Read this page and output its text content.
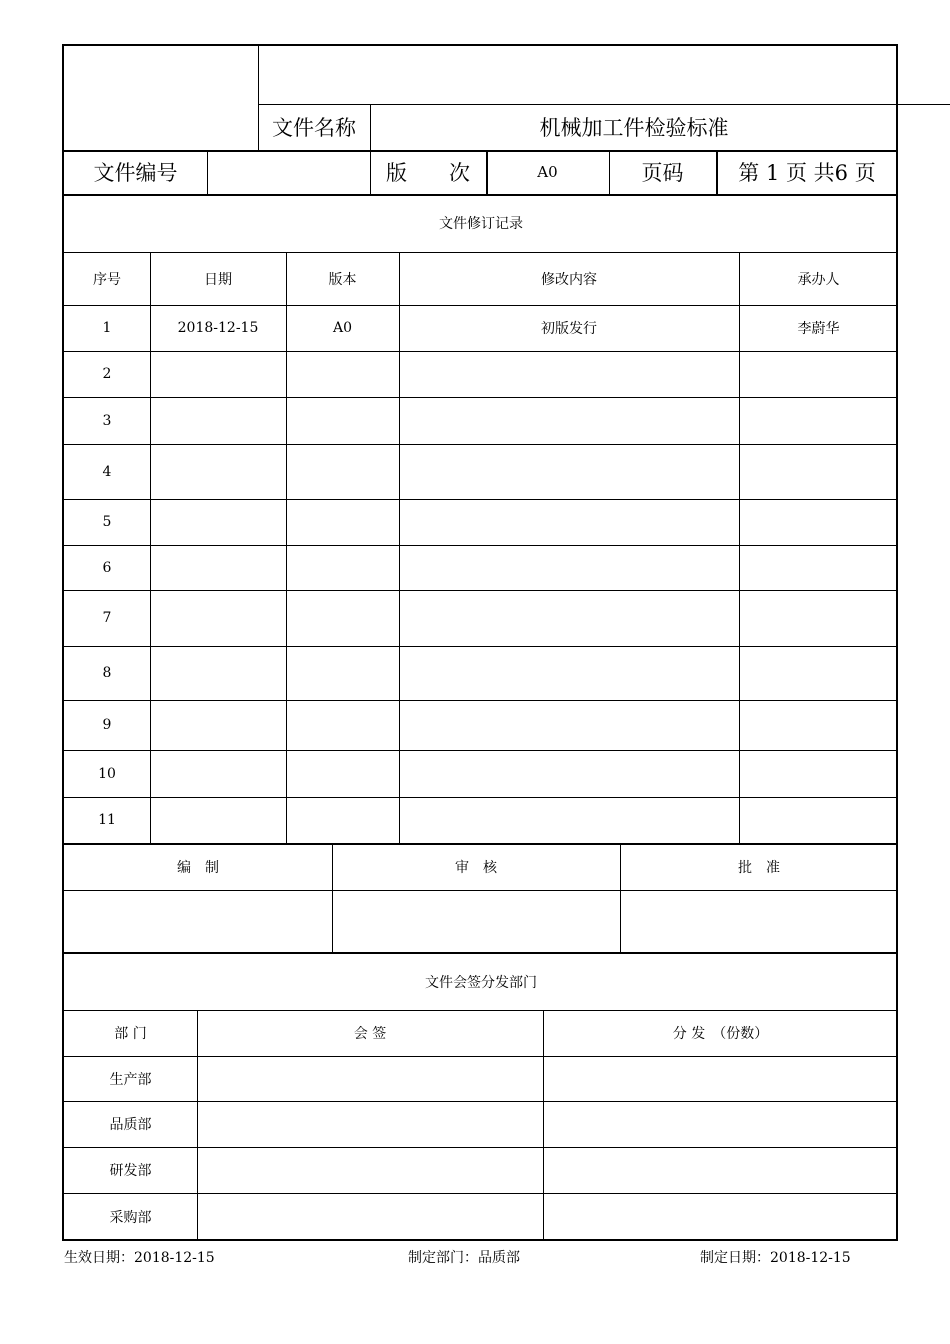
文件名称	机械加工件检验标准
文件编号	版　　次	A0	页码	第 1 页 共6 页
文件修订记录
序号	日期	版本	修改内容	承办人
1	2018-12-15	A0	初版发行	李蔚华
2
3
4
5
6
7
8
9
10
11
编　制	审　核	批　准
文件会签分发部门
部 门	会 签	分 发　（份数）
生产部
品质部
研发部
采购部
生效日期：2018-12-15	制定部门：品质部	制定日期：2018-12-15
